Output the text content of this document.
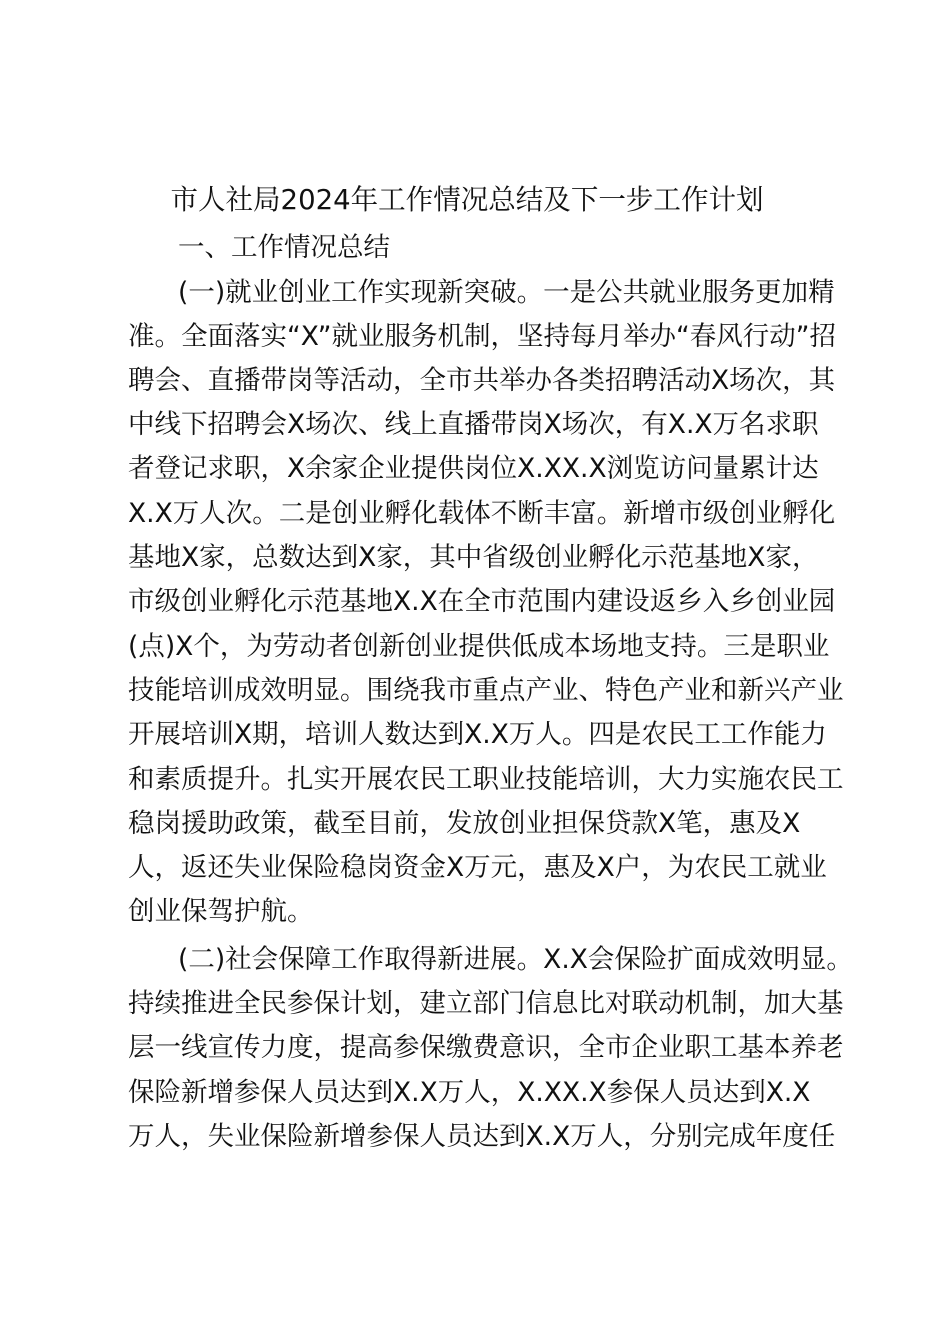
市人社局2024年工作情况总结及下一步工作计划
一、工作情况总结
(一)就业创业工作实现新突破。一是公共就业服务更加精
准。全面落实“X”就业服务机制，坚持每月举办“春风行动”招
聘会、直播带岗等活动，全市共举办各类招聘活动X场次，其
中线下招聘会X场次、线上直播带岗X场次，有X.X万名求职
者登记求职，X余家企业提供岗位X.XX.X浏览访问量累计达
X.X万人次。二是创业孵化载体不断丰富。新增市级创业孵化
基地X家，总数达到X家，其中省级创业孵化示范基地X家，
市级创业孵化示范基地X.X在全市范围内建设返乡入乡创业园
(点)X个，为劳动者创新创业提供低成本场地支持。三是职业
技能培训成效明显。围绕我市重点产业、特色产业和新兴产业
开展培训X期，培训人数达到X.X万人。四是农民工工作能力
和素质提升。扎实开展农民工职业技能培训，大力实施农民工
稳岗援助政策，截至目前，发放创业担保贷款X笔，惠及X
人，返还失业保险稳岗资金X万元，惠及X户，为农民工就业
创业保驾护航。
(二)社会保障工作取得新进展。X.X会保险扩面成效明显。
持续推进全民参保计划，建立部门信息比对联动机制，加大基
层一线宣传力度，提高参保缴费意识，全市企业职工基本养老
保险新增参保人员达到X.X万人，X.XX.X参保人员达到X.X
万人，失业保险新增参保人员达到X.X万人，分别完成年度任
